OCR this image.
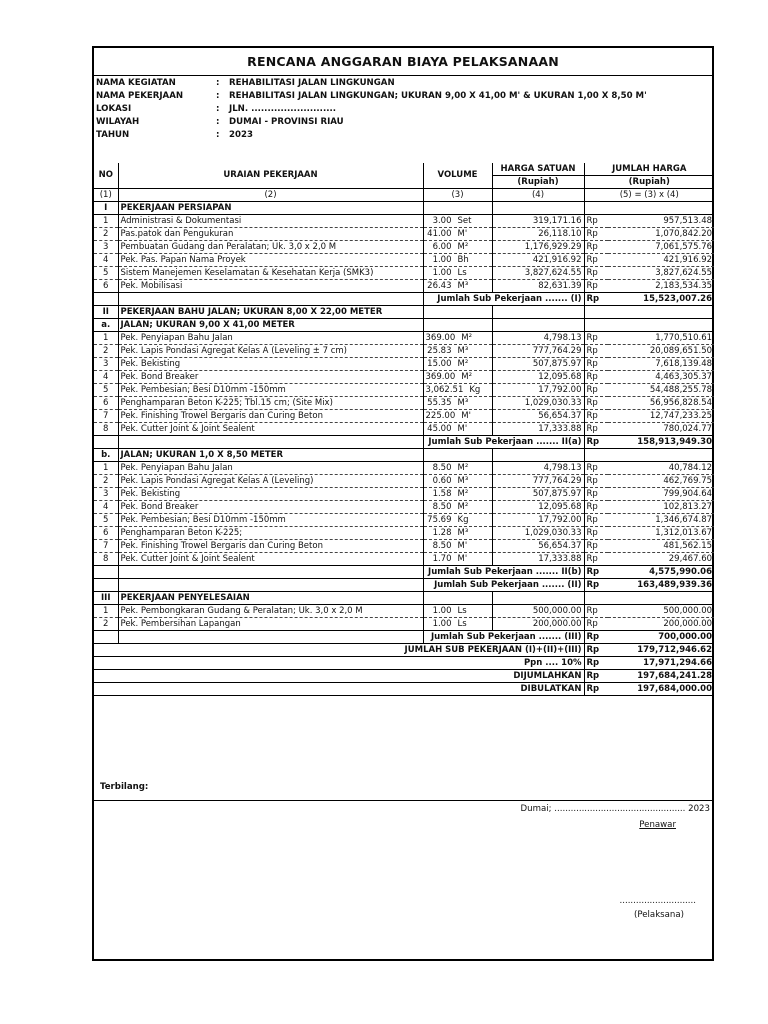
RENCANA ANGGARAN BIAYA PELAKSANAAN
NAMA KEGIATAN	: REHABILITASI JALAN LINGKUNGAN
NAMA PEKERJAAN	: REHABILITASI JALAN LINGKUNGAN; UKURAN 9,00 X 41,00 M' & UKURAN 1,00 X 8,50 M'
LOKASI	: JLN. ..........................
WILAYAH	: DUMAI - PROVINSI RIAU
TAHUN	: 2023
NO	URAIAN PEKERJAAN	VOLUME	HARGA SATUAN	JUMLAH HARGA	
			(Rupiah)	(Rupiah)	
(1)	(2)	(3)	(4)	(5) = (3) x (4)	
I	PEKERJAAN PERSIAPAN				
1	Administrasi & Dokumentasi	3.00 Set	319,171.16	Rp	957,513.48
2	Pas.patok dan Pengukuran	41.00 M'	26,118.10	Rp	1,070,842.20
3	Pembuatan Gudang dan Peralatan; Uk. 3,0 x 2,0 M	6.00 M²	1,176,929.29	Rp	7,061,575.76
4	Pek. Pas. Papan Nama Proyek	1.00 Bh	421,916.92	Rp	421,916.92
5	Sistem Manejemen Keselamatan & Kesehatan Kerja (SMK3)	1.00 Ls	3,827,624.55	Rp	3,827,624.55
6	Pek. Mobilisasi	26.43 M³	82,631.39	Rp	2,183,534.35
		Jumlah Sub Pekerjaan ....... (I)		Rp	15,523,007.26
II	PEKERJAAN BAHU JALAN; UKURAN 8,00 X 22,00 METER				
a.	JALAN; UKURAN 9,00 X 41,00 METER				
1	Pek. Penyiapan Bahu Jalan	369.00 M²	4,798.13	Rp	1,770,510.61
2	Pek. Lapis Pondasi Agregat Kelas A (Leveling ± 7 cm)	25.83 M³	777,764.29	Rp	20,089,651.50
3	Pek. Bekisting	15.00 M²	507,875.97	Rp	7,618,139.48
4	Pek. Bond Breaker	369.00 M²	12,095.68	Rp	4,463,305.37
5	Pek. Pembesian; Besi D10mm -150mm	3,062.51 Kg	17,792.00	Rp	54,488,255.78
6	Penghamparan Beton K-225; Tbl.15 cm; (Site Mix)	55.35 M³	1,029,030.33	Rp	56,956,828.54
7	Pek. Finishing Trowel Bergaris dan Curing Beton	225.00 M'	56,654.37	Rp	12,747,233.25
8	Pek. Cutter Joint & Joint Sealent	45.00 M'	17,333.88	Rp	780,024.77
		Jumlah Sub Pekerjaan ....... II(a)		Rp	158,913,949.30
b.	JALAN; UKURAN 1,0 X 8,50 METER				
1	Pek. Penyiapan Bahu Jalan	8.50 M²	4,798.13	Rp	40,784.12
2	Pek. Lapis Pondasi Agregat Kelas A (Leveling)	0.60 M³	777,764.29	Rp	462,769.75
3	Pek. Bekisting	1.58 M²	507,875.97	Rp	799,904.64
4	Pek. Bond Breaker	8.50 M²	12,095.68	Rp	102,813.27
5	Pek. Pembesian; Besi D10mm -150mm	75.69 Kg	17,792.00	Rp	1,346,674.87
6	Penghamparan Beton K-225;	1.28 M³	1,029,030.33	Rp	1,312,013.67
7	Pek. Finishing Trowel Bergaris dan Curing Beton	8.50 M'	56,654.37	Rp	481,562.15
8	Pek. Cutter Joint & Joint Sealent	1.70 M'	17,333.88	Rp	29,467.60
		Jumlah Sub Pekerjaan ....... II(b)		Rp	4,575,990.06
		Jumlah Sub Pekerjaan ....... (II)		Rp	163,489,939.36
III	PEKERJAAN PENYELESAIAN				
1	Pek. Pembongkaran Gudang & Peralatan; Uk. 3,0 x 2,0 M	1.00 Ls	500,000.00	Rp	500,000.00
2	Pek. Pembersihan Lapangan	1.00 Ls	200,000.00	Rp	200,000.00
		Jumlah Sub Pekerjaan ....... (III)		Rp	700,000.00
JUMLAH SUB PEKERJAAN (I)+(II)+(III)				Rp	179,712,946.62
Ppn .... 10%				Rp	17,971,294.66
DIJUMLAHKAN				Rp	197,684,241.28
DIBULATKAN				Rp	197,684,000.00
Terbilang:
Dumai; ................................................ 2023
Penawar
............................
(Pelaksana)
